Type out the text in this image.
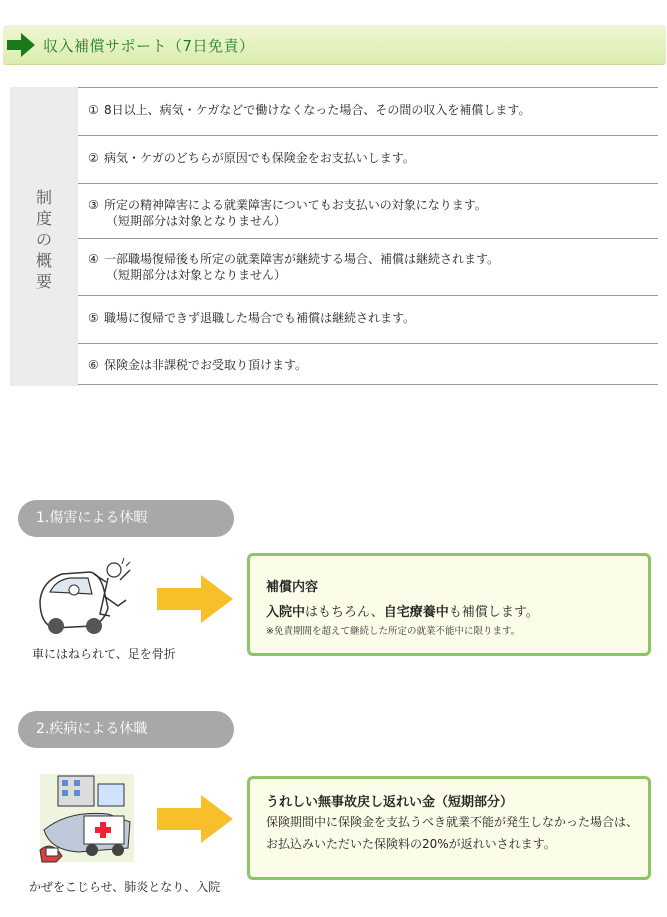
収入補償サポート（7日免責）
制
度
の
概
要
① 8日以上、病気・ケガなどで働けなくなった場合、その間の収入を補償します。
② 病気・ケガのどちらが原因でも保険金をお支払いします。
③ 所定の精神障害による就業障害についてもお支払いの対象になります。
（短期部分は対象となりません）
④ 一部職場復帰後も所定の就業障害が継続する場合、補償は継続されます。
（短期部分は対象となりません）
⑤ 職場に復帰できず退職した場合でも補償は継続されます。
⑥ 保険金は非課税でお受取り頂けます。
1.傷害による休暇
車にはねられて、足を骨折
補償内容
入院中はもちろん、自宅療養中も補償します。
※免責期間を超えて継続した所定の就業不能中に限ります。
2.疾病による休職
かぜをこじらせ、肺炎となり、入院
うれしい無事故戻し返れい金（短期部分）
保険期間中に保険金を支払うべき就業不能が発生しなかった場合は、お払込みいただいた保険料の20%が返れいされます。
